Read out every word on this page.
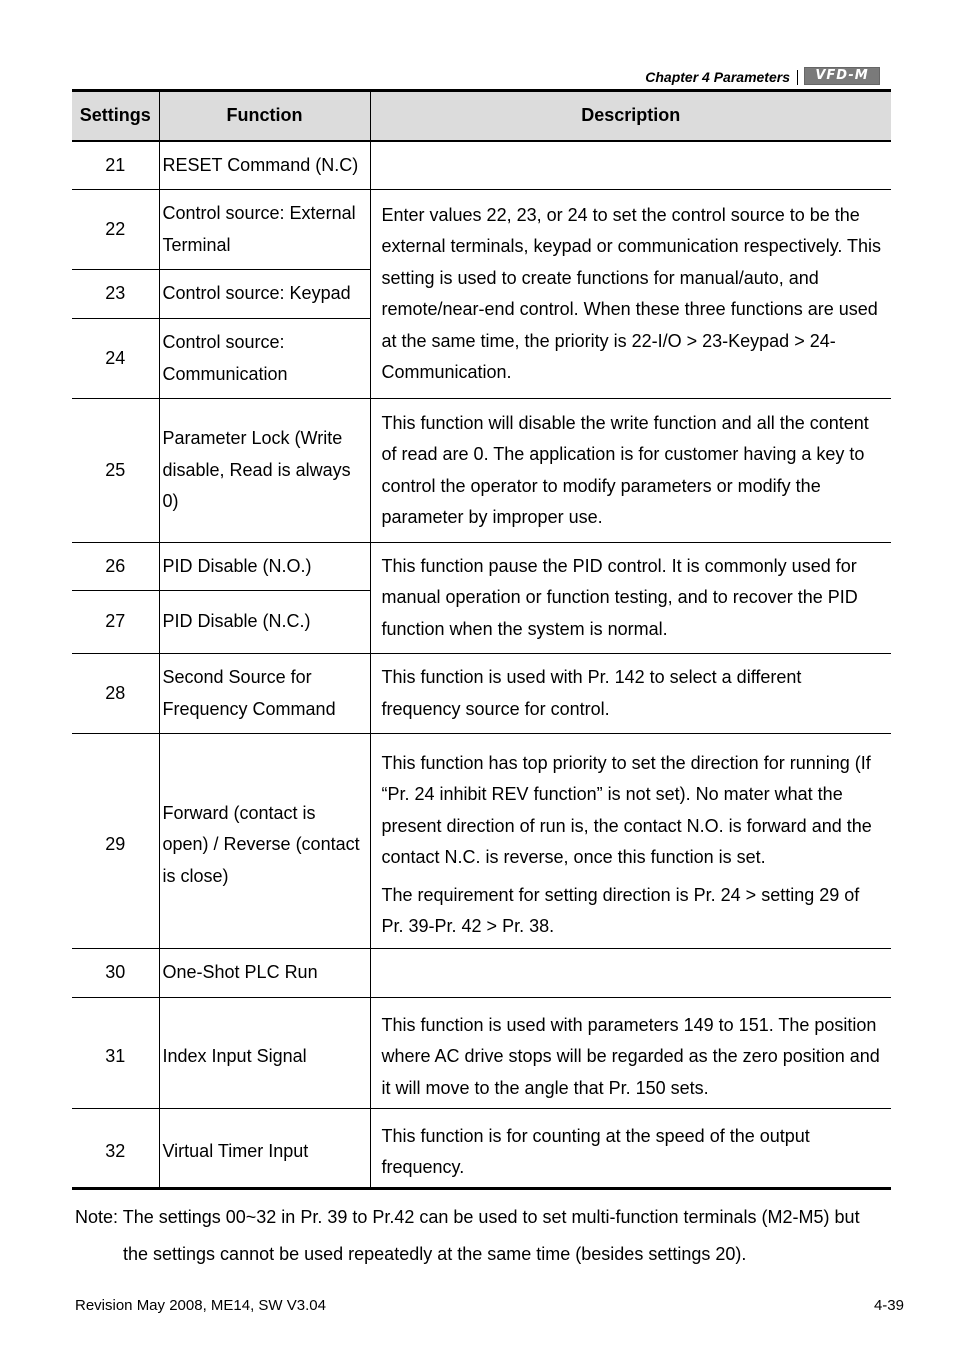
Chapter 4 Parameters	VFD-M
Settings	Function	Description
21	RESET Command (N.C)	
22	Control source: External Terminal	Enter values 22, 23, or 24 to set the control source to be the external terminals, keypad or communication respectively. This setting is used to create functions for manual/auto, and remote/near-end control. When these three functions are used at the same time, the priority is 22-I/O > 23-Keypad > 24-Communication.
23	Control source: Keypad	
24	Control source: Communication	
25	Parameter Lock (Write disable, Read is always 0)	This function will disable the write function and all the content of read are 0. The application is for customer having a key to control the operator to modify parameters or modify the parameter by improper use.
26	PID Disable (N.O.)	This function pause the PID control. It is commonly used for manual operation or function testing, and to recover the PID function when the system is normal.
27	PID Disable (N.C.)	
28	Second Source for Frequency Command	This function is used with Pr. 142 to select a different frequency source for control.
29	Forward (contact is open) / Reverse (contact is close)	This function has top priority to set the direction for running (If “Pr. 24 inhibit REV function” is not set). No mater what the present direction of run is, the contact N.O. is forward and the contact N.C. is reverse, once this function is set.
The requirement for setting direction is Pr. 24 > setting 29 of Pr. 39-Pr. 42 > Pr. 38.

30	One-Shot PLC Run	
31	Index Input Signal	This function is used with parameters 149 to 151. The position where AC drive stops will be regarded as the zero position and it will move to the angle that Pr. 150 sets.
32	Virtual Timer Input	This function is for counting at the speed of the output frequency.
Note: The settings 00~32 in Pr. 39 to Pr.42 can be used to set multi-function terminals (M2-M5) but
the settings cannot be used repeatedly at the same time (besides settings 20).
Revision May 2008, ME14, SW V3.04	4-39
